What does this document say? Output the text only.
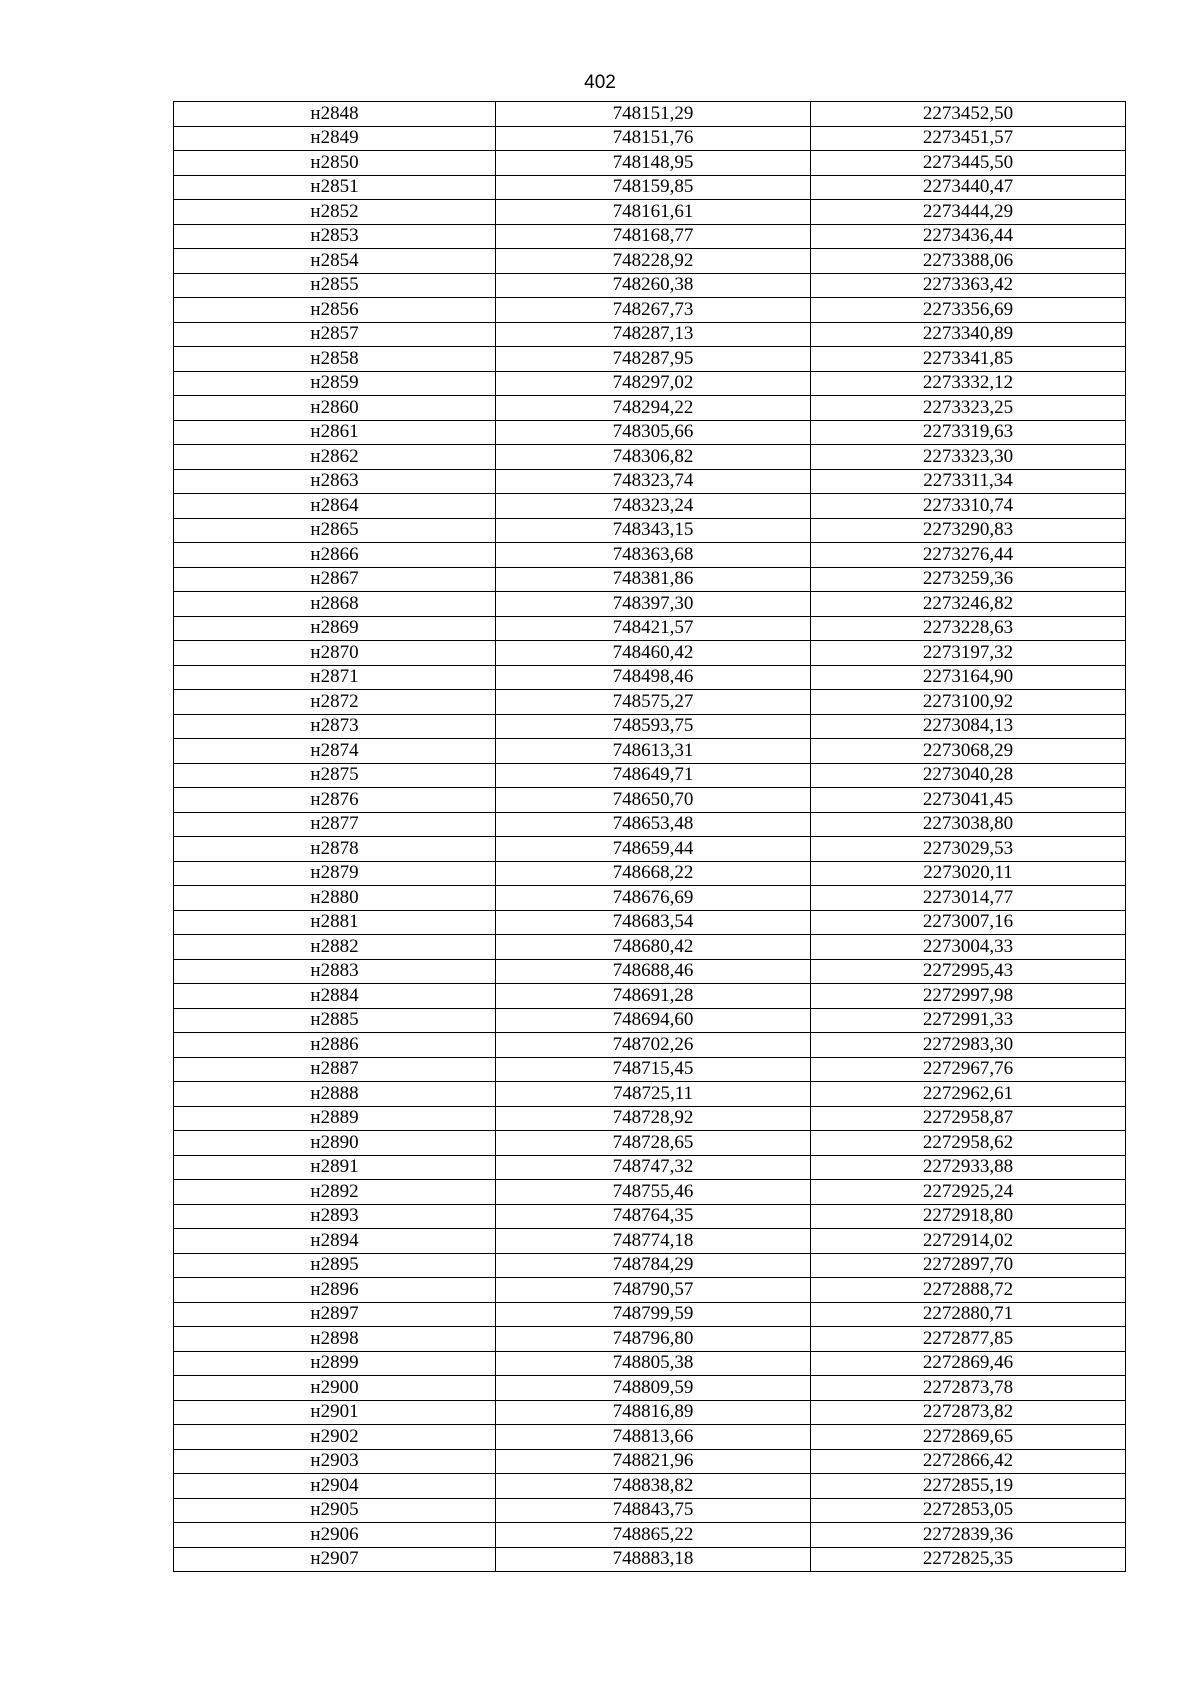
402
н2848	748151,29	2273452,50
н2849	748151,76	2273451,57
н2850	748148,95	2273445,50
н2851	748159,85	2273440,47
н2852	748161,61	2273444,29
н2853	748168,77	2273436,44
н2854	748228,92	2273388,06
н2855	748260,38	2273363,42
н2856	748267,73	2273356,69
н2857	748287,13	2273340,89
н2858	748287,95	2273341,85
н2859	748297,02	2273332,12
н2860	748294,22	2273323,25
н2861	748305,66	2273319,63
н2862	748306,82	2273323,30
н2863	748323,74	2273311,34
н2864	748323,24	2273310,74
н2865	748343,15	2273290,83
н2866	748363,68	2273276,44
н2867	748381,86	2273259,36
н2868	748397,30	2273246,82
н2869	748421,57	2273228,63
н2870	748460,42	2273197,32
н2871	748498,46	2273164,90
н2872	748575,27	2273100,92
н2873	748593,75	2273084,13
н2874	748613,31	2273068,29
н2875	748649,71	2273040,28
н2876	748650,70	2273041,45
н2877	748653,48	2273038,80
н2878	748659,44	2273029,53
н2879	748668,22	2273020,11
н2880	748676,69	2273014,77
н2881	748683,54	2273007,16
н2882	748680,42	2273004,33
н2883	748688,46	2272995,43
н2884	748691,28	2272997,98
н2885	748694,60	2272991,33
н2886	748702,26	2272983,30
н2887	748715,45	2272967,76
н2888	748725,11	2272962,61
н2889	748728,92	2272958,87
н2890	748728,65	2272958,62
н2891	748747,32	2272933,88
н2892	748755,46	2272925,24
н2893	748764,35	2272918,80
н2894	748774,18	2272914,02
н2895	748784,29	2272897,70
н2896	748790,57	2272888,72
н2897	748799,59	2272880,71
н2898	748796,80	2272877,85
н2899	748805,38	2272869,46
н2900	748809,59	2272873,78
н2901	748816,89	2272873,82
н2902	748813,66	2272869,65
н2903	748821,96	2272866,42
н2904	748838,82	2272855,19
н2905	748843,75	2272853,05
н2906	748865,22	2272839,36
н2907	748883,18	2272825,35
